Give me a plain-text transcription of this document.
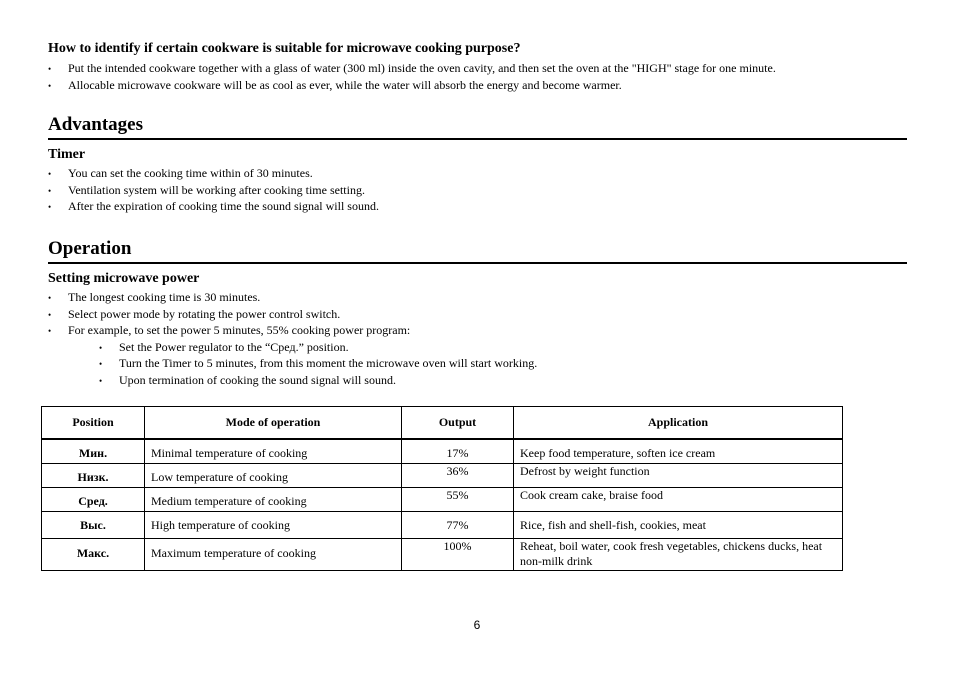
How to identify if certain cookware is suitable for microwave cooking purpose?
• Put the intended cookware together with a glass of water (300 ml) inside the oven cavity, and then set the oven at the "HIGH" stage for one minute.
• Allocable microwave cookware will be as cool as ever, while the water will absorb the energy and become warmer.
Advantages
Timer
• You can set the cooking time within of 30 minutes.
• Ventilation system will be working after cooking time setting.
• After the expiration of cooking time the sound signal will sound.
Operation
Setting microwave power
• The longest cooking time is 30 minutes.
• Select power mode by rotating the power control switch.
• For example, to set the power 5 minutes, 55% cooking power program:
• Set the Power regulator to the “Сред.” position.
• Turn the Timer to 5 minutes, from this moment the microwave oven will start working.
• Upon termination of cooking the sound signal will sound.
Position	Mode of operation	Output	Application
Мин.	Minimal temperature of cooking	17%	Keep food temperature, soften ice cream
Низк.	Low temperature of cooking	36%	Defrost by weight function
Сред.	Medium temperature of cooking	55%	Cook cream cake, braise food
Выс.	High temperature of cooking	77%	Rice, fish and shell-fish, cookies, meat
Макс.	Maximum temperature of cooking	100%	Reheat, boil water, cook fresh vegetables, chickens ducks, heat non-milk drink
6
